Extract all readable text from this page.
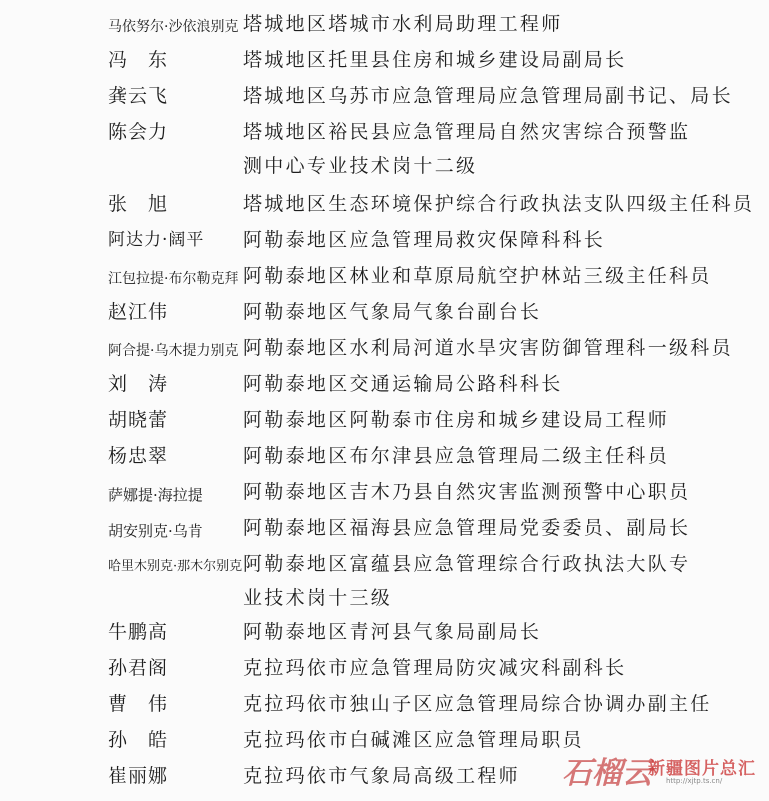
马依努尔·沙依浪别克 塔城地区塔城市水利局助理工程师
冯　东	塔城地区托里县住房和城乡建设局副局长
龚云飞	塔城地区乌苏市应急管理局应急管理局副书记、局长
陈会力	塔城地区裕民县应急管理局自然灾害综合预警监
测中心专业技术岗十二级
张　旭	塔城地区生态环境保护综合行政执法支队四级主任科员
阿达力·阔平	阿勒泰地区应急管理局救灾保障科科长
江包拉提·布尔勒克拜 阿勒泰地区林业和草原局航空护林站三级主任科员
赵江伟	阿勒泰地区气象局气象台副台长
阿合提·乌木提力别克 阿勒泰地区水利局河道水旱灾害防御管理科一级科员
刘　涛	阿勒泰地区交通运输局公路科科长
胡晓蕾	阿勒泰地区阿勒泰市住房和城乡建设局工程师
杨忠翠	阿勒泰地区布尔津县应急管理局二级主任科员
萨娜提·海拉提	阿勒泰地区吉木乃县自然灾害监测预警中心职员
胡安别克·乌肯	阿勒泰地区福海县应急管理局党委委员、副局长
哈里木别克·那木尔别克 阿勒泰地区富蕴县应急管理综合行政执法大队专
业技术岗十三级
牛鹏高	阿勒泰地区青河县气象局副局长
孙君阁	克拉玛依市应急管理局防灾减灾科副科长
曹　伟	克拉玛依市独山子区应急管理局综合协调办副主任
孙　皓	克拉玛依市白碱滩区应急管理局职员
崔丽娜	克拉玛依市气象局高级工程师	石榴云
新疆图片总汇
http://xjtp.ts.cn/
